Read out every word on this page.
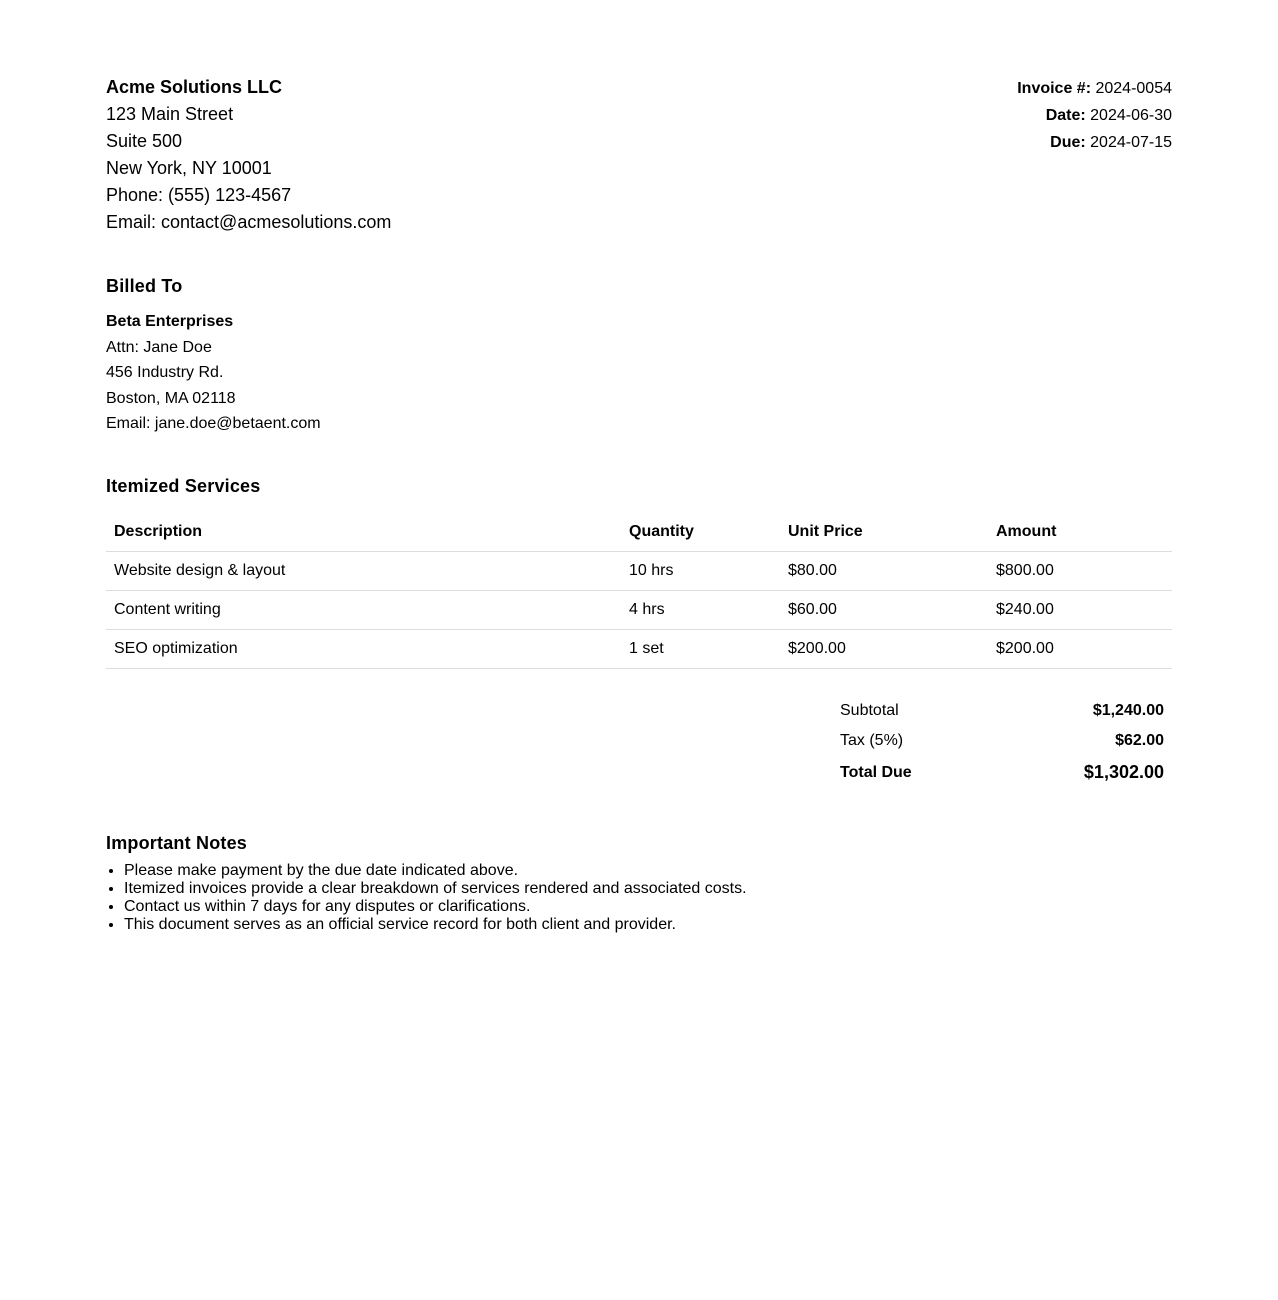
Acme Solutions LLC
123 Main Street
Suite 500
New York, NY 10001
Phone: (555) 123-4567
Email: contact@acmesolutions.com
Invoice #: 2024-0054
Date: 2024-06-30
Due: 2024-07-15
Billed To
Beta Enterprises
Attn: Jane Doe
456 Industry Rd.
Boston, MA 02118
Email: jane.doe@betaent.com
Itemized Services
Description	Quantity	Unit Price	Amount
Website design & layout	10 hrs	$80.00	$800.00
Content writing	4 hrs	$60.00	$240.00
SEO optimization	1 set	$200.00	$200.00
Subtotal	$1,240.00
Tax (5%)	$62.00
Total Due	$1,302.00
Important Notes
• Please make payment by the due date indicated above.
• Itemized invoices provide a clear breakdown of services rendered and associated costs.
• Contact us within 7 days for any disputes or clarifications.
• This document serves as an official service record for both client and provider.
